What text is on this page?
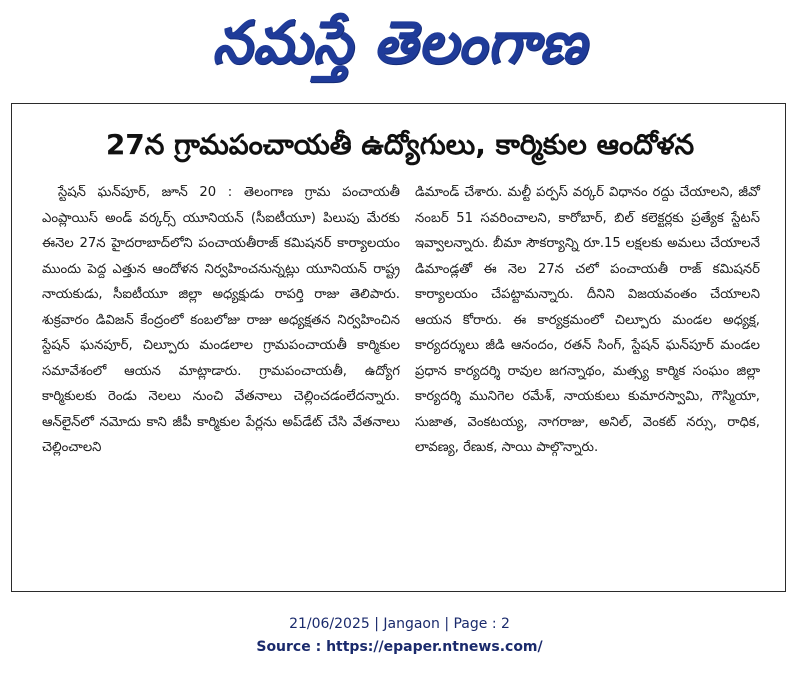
నమస్తే తెలంగాణ
27న గ్రామపంచాయతీ ఉద్యోగులు, కార్మికుల ఆందోళన

స్టేషన్ ఘన్‌పూర్, జూన్ 20 : తెలంగాణ గ్రామ పంచాయతీ ఎంప్లాయిస్ అండ్ వర్కర్స్ యూనియన్ (సీఐటీయూ) పిలుపు మేరకు ఈనెల 27న హైదరాబాద్‌లోని పంచాయతీరాజ్ కమిషనర్ కార్యాలయం ముందు పెద్ద ఎత్తున ఆందోళన నిర్వహించనున్నట్లు యూనియన్ రాష్ట్ర నాయకుడు, సీఐటీయూ జిల్లా అధ్యక్షుడు రాపర్తి రాజు తెలిపారు. శుక్రవారం డివిజన్ కేంద్రంలో కంబలోజు రాజు అధ్యక్షతన నిర్వహించిన స్టేషన్ ఘనపూర్, చిల్పూరు మండలాల గ్రామపంచాయతీ కార్మికుల సమావేశంలో ఆయన మాట్లాడారు. గ్రామపంచాయతీ, ఉద్యోగ కార్మికులకు రెండు నెలలు నుంచి వేతనాలు చెల్లించడంలేదన్నారు. ఆన్‌లైన్‌లో నమోదు కాని జీపీ కార్మికుల పేర్లను అప్‌డేట్ చేసి వేతనాలు చెల్లించాలని

డిమాండ్ చేశారు. మల్టీ పర్పస్ వర్కర్ విధానం రద్దు చేయాలని, జీవో నంబర్ 51 సవరించాలని, కారోబార్, బిల్ కలెక్టర్లకు ప్రత్యేక స్టేటస్ ఇవ్వాలన్నారు. బీమా సౌకర్యాన్ని రూ.15 లక్షలకు అమలు చేయాలనే డిమాండ్లతో ఈ నెల 27న చలో పంచాయతీ రాజ్ కమిషనర్ కార్యాలయం చేపట్టామన్నారు. దీనిని విజయవంతం చేయాలని ఆయన కోరారు. ఈ కార్యక్రమంలో చిల్పూరు మండల అధ్యక్ష, కార్యదర్శులు జీడి ఆనందం, రతన్ సింగ్, స్టేషన్ ఘన్‌పూర్ మండల ప్రధాన కార్యదర్శి రావుల జగన్నాథం, మత్స్య కార్మిక సంఘం జిల్లా కార్యదర్శి మునిగెల రమేశ్, నాయకులు కుమారస్వామి, గౌస్మియా, సుజాత, వెంకటయ్య, నాగరాజు, అనిల్, వెంకట్ నర్సు, రాధిక, లావణ్య, రేణుక, సాయి పాల్గొన్నారు.

21/06/2025 | Jangaon | Page : 2
Source : https://epaper.ntnews.com/
